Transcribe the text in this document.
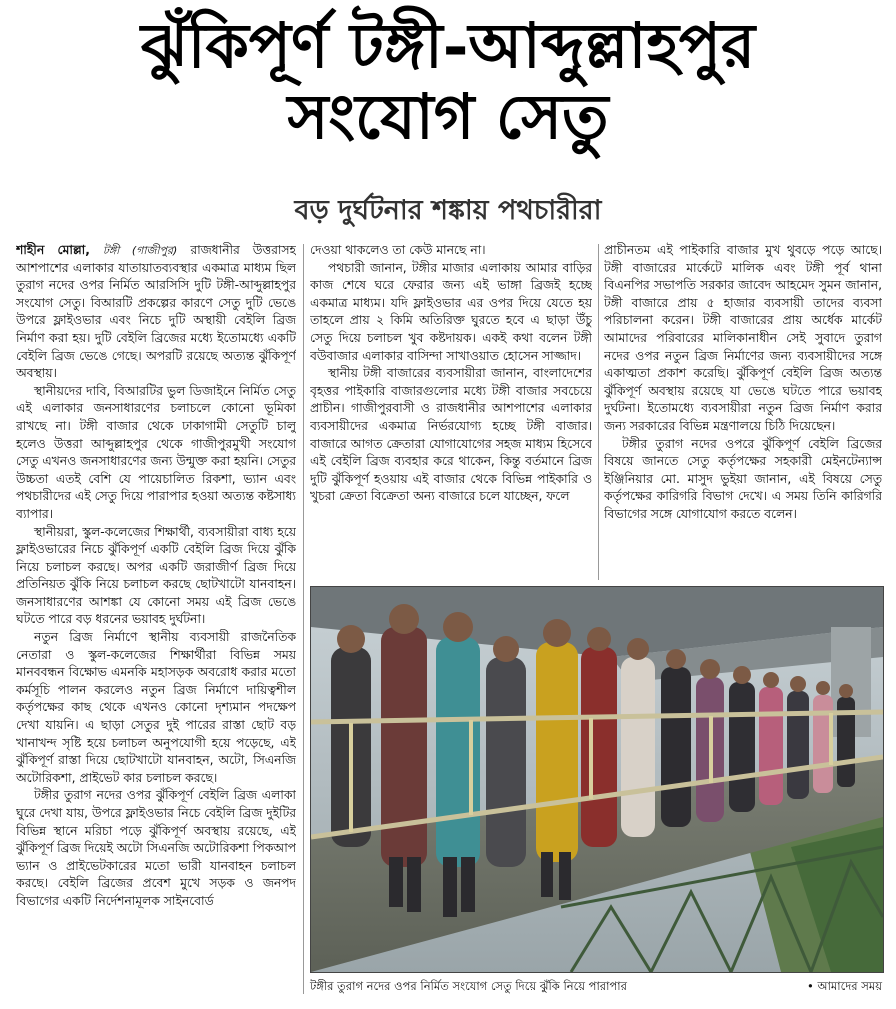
ঝুঁকিপূর্ণ টঙ্গী-আব্দুল্লাহপুর
সংযোগ সেতু
বড় দুর্ঘটনার শঙ্কায় পথচারীরা

শাহীন মোল্লা, টঙ্গী (গাজীপুর) রাজধানীর উত্তরাসহ আশপাশের এলাকার যাতায়াতব্যবস্থার একমাত্র মাধ্যম ছিল তুরাগ নদের ওপর নির্মিত আরসিসি দুটি টঙ্গী-আব্দুল্লাহপুর সংযোগ সেতু। বিআরটি প্রকল্পের কারণে সেতু দুটি ভেঙে উপরে ফ্লাইওভার এবং নিচে দুটি অস্থায়ী বেইলি ব্রিজ নির্মাণ করা হয়। দুটি বেইলি ব্রিজের মধ্যে ইতোমধ্যে একটি বেইলি ব্রিজ ভেঙে গেছে। অপরটি রয়েছে অত্যন্ত ঝুঁকিপূর্ণ অবস্থায়।

স্থানীয়দের দাবি, বিআরটির ভুল ডিজাইনে নির্মিত সেতু এই এলাকার জনসাধারণের চলাচলে কোনো ভূমিকা রাখছে না। টঙ্গী বাজার থেকে ঢাকাগামী সেতুটি চালু হলেও উত্তরা আব্দুল্লাহপুর থেকে গাজীপুরমুখী সংযোগ সেতু এখনও জনসাধারণের জন্য উন্মুক্ত করা হয়নি। সেতুর উচ্চতা এতই বেশি যে পায়েচালিত রিকশা, ভ্যান এবং পথচারীদের এই সেতু দিয়ে পারাপার হওয়া অত্যন্ত কষ্টসাধ্য ব্যাপার।

স্থানীয়রা, স্কুল-কলেজের শিক্ষার্থী, ব্যবসায়ীরা বাধ্য হয়ে ফ্লাইওভারের নিচে ঝুঁকিপূর্ণ একটি বেইলি ব্রিজ দিয়ে ঝুঁকি নিয়ে চলাচল করছে। অপর একটি জরাজীর্ণ ব্রিজ দিয়ে প্রতিনিয়ত ঝুঁকি নিয়ে চলাচল করছে ছোটখাটো যানবাহন। জনসাধারণের আশঙ্কা যে কোনো সময় এই ব্রিজ ভেঙে ঘটতে পারে বড় ধরনের ভয়াবহ দুর্ঘটনা।

নতুন ব্রিজ নির্মাণে স্থানীয় ব্যবসায়ী রাজনৈতিক নেতারা ও স্কুল-কলেজের শিক্ষার্থীরা বিভিন্ন সময় মানববন্ধন বিক্ষোভ এমনকি মহাসড়ক অবরোধ করার মতো কর্মসূচি পালন করলেও নতুন ব্রিজ নির্মাণে দায়িত্বশীল কর্তৃপক্ষের কাছ থেকে এখনও কোনো দৃশ্যমান পদক্ষেপ দেখা যায়নি। এ ছাড়া সেতুর দুই পারের রাস্তা ছোট বড় খানাখন্দ সৃষ্টি হয়ে চলাচল অনুপযোগী হয়ে পড়েছে, এই ঝুঁকিপূর্ণ রাস্তা দিয়ে ছোটখাটো যানবাহন, অটো, সিএনজি অটোরিকশা, প্রাইভেট কার চলাচল করছে।

টঙ্গীর তুরাগ নদের ওপর ঝুঁকিপূর্ণ বেইলি ব্রিজ এলাকা ঘুরে দেখা যায়, উপরে ফ্লাইওভার নিচে বেইলি ব্রিজ দুইটির বিভিন্ন স্থানে মরিচা পড়ে ঝুঁকিপূর্ণ অবস্থায় রয়েছে, এই ঝুঁকিপূর্ণ ব্রিজ দিয়েই অটো সিএনজি অটোরিকশা পিকআপ ভ্যান ও প্রাইভেটকারের মতো ভারী যানবাহন চলাচল করছে। বেইলি ব্রিজের প্রবেশ মুখে সড়ক ও জনপদ বিভাগের একটি নির্দেশনামূলক সাইনবোর্ড

দেওয়া থাকলেও তা কেউ মানছে না।

পথচারী জানান, টঙ্গীর মাজার এলাকায় আমার বাড়ির কাজ শেষে ঘরে ফেরার জন্য এই ভাঙ্গা ব্রিজই হচ্ছে একমাত্র মাধ্যম। যদি ফ্লাইওভার এর ওপর দিয়ে যেতে হয় তাহলে প্রায় ২ কিমি অতিরিক্ত ঘুরতে হবে এ ছাড়া উঁচু সেতু দিয়ে চলাচল খুব কষ্টদায়ক। একই কথা বলেন টঙ্গী বউবাজার এলাকার বাসিন্দা সাখাওয়াত হোসেন সাজ্জাদ।

স্থানীয় টঙ্গী বাজারের ব্যবসায়ীরা জানান, বাংলাদেশের বৃহত্তর পাইকারি বাজারগুলোর মধ্যে টঙ্গী বাজার সবচেয়ে প্রাচীন। গাজীপুরবাসী ও রাজধানীর আশপাশের এলাকার ব্যবসায়ীদের একমাত্র নির্ভরযোগ্য হচ্ছে টঙ্গী বাজার। বাজারে আগত ক্রেতারা যোগাযোগের সহজ মাধ্যম হিসেবে এই বেইলি ব্রিজ ব্যবহার করে থাকেন, কিন্তু বর্তমানে ব্রিজ দুটি ঝুঁকিপূর্ণ হওয়ায় এই বাজার থেকে বিভিন্ন পাইকারি ও খুচরা ক্রেতা বিক্রেতা অন্য বাজারে চলে যাচ্ছেন, ফলে

প্রাচীনতম এই পাইকারি বাজার মুখ থুবড়ে পড়ে আছে। টঙ্গী বাজারের মার্কেটে মালিক এবং টঙ্গী পূর্ব থানা বিএনপির সভাপতি সরকার জাবেদ আহমেদ সুমন জানান, টঙ্গী বাজারে প্রায় ৫ হাজার ব্যবসায়ী তাদের ব্যবসা পরিচালনা করেন। টঙ্গী বাজারের প্রায় অর্ধেক মার্কেট আমাদের পরিবারের মালিকানাধীন সেই সুবাদে তুরাগ নদের ওপর নতুন ব্রিজ নির্মাণের জন্য ব্যবসায়ীদের সঙ্গে একাত্মতা প্রকাশ করেছি। ঝুঁকিপূর্ণ বেইলি ব্রিজ অত্যন্ত ঝুঁকিপূর্ণ অবস্থায় রয়েছে যা ভেঙে ঘটতে পারে ভয়াবহ দুর্ঘটনা। ইতোমধ্যে ব্যবসায়ীরা নতুন ব্রিজ নির্মাণ করার জন্য সরকারের বিভিন্ন মন্ত্রণালয়ে চিঠি দিয়েছেন।

টঙ্গীর তুরাগ নদের ওপরে ঝুঁকিপূর্ণ বেইলি ব্রিজের বিষয়ে জানতে সেতু কর্তৃপক্ষের সহকারী মেইনটেন্যান্স ইঞ্জিনিয়ার মো. মাসুদ ভুইয়া জানান, এই বিষয়ে সেতু কর্তৃপক্ষের কারিগরি বিভাগ দেখে। এ সময় তিনি কারিগরি বিভাগের সঙ্গে যোগাযোগ করতে বলেন।

টঙ্গীর তুরাগ নদের ওপর নির্মিত সংযোগ সেতু দিয়ে ঝুঁকি নিয়ে পারাপার	• আমাদের সময়
